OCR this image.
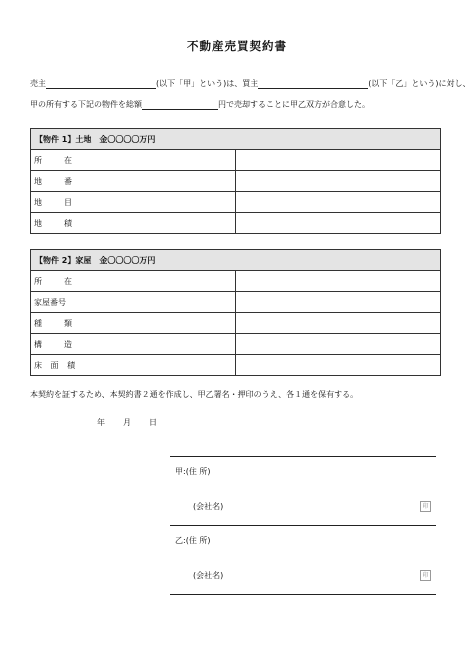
不動産売買契約書
売主	(以下「甲」という)は、買主	(以下「乙」という)に対し、
甲の所有する下記の物件を総額	円で売却することに甲乙双方が合意した。
【物件 1】土地　金〇〇〇〇万円	
所　在	
地　番	
地　目	
地　積	
【物件 2】家屋　金〇〇〇〇万円	
所　在	
家屋番号	
種　類	
構　造	
床 面 積	
本契約を証するため、本契約書２通を作成し、甲乙署名・押印のうえ、各１通を保有する。
年 月 日
甲:(住 所)
(会社名)	印
乙:(住 所)
(会社名)	印
